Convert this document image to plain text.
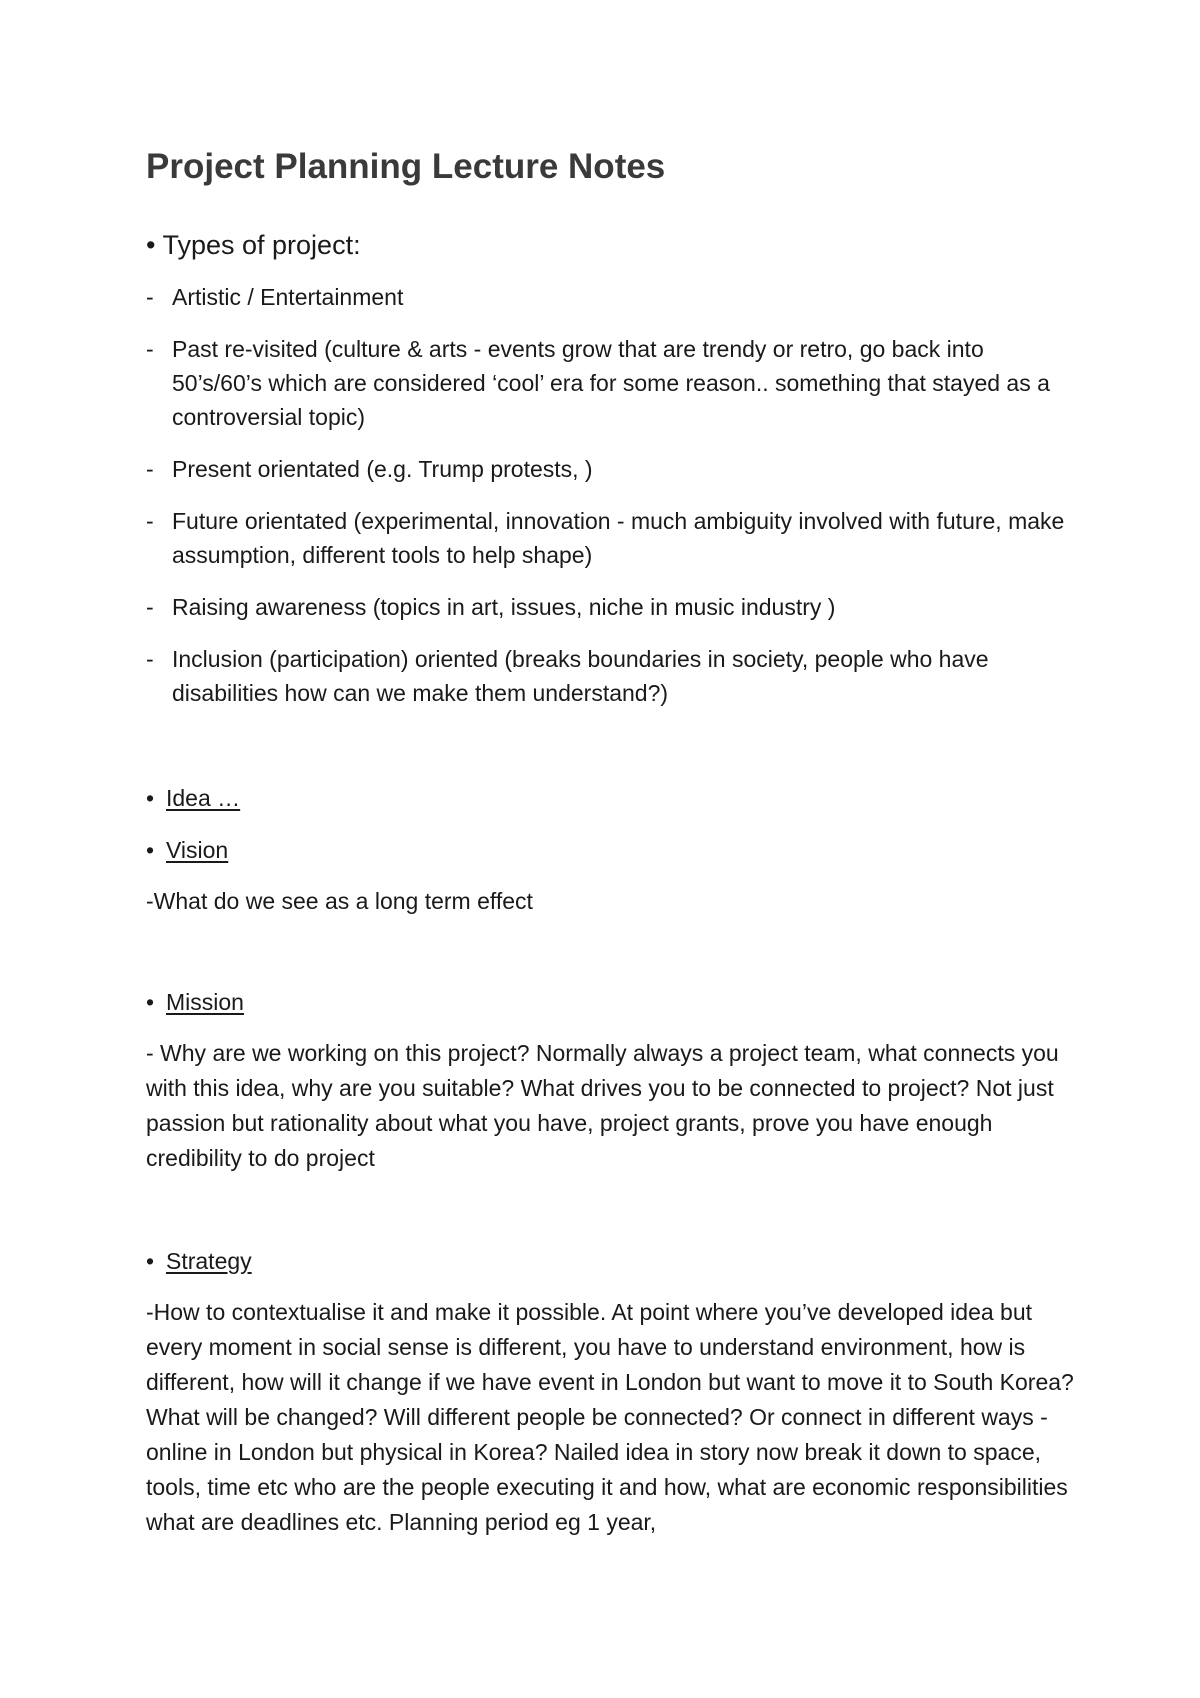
Project Planning Lecture Notes
• Types of project:
- Artistic / Entertainment
- Past re-visited (culture & arts - events grow that are trendy or retro, go back into 50’s/60’s which are considered ‘cool’ era for some reason.. something that stayed as a controversial topic)
- Present orientated (e.g. Trump protests, )
- Future orientated (experimental, innovation - much ambiguity involved with future, make assumption, different tools to help shape)
- Raising awareness (topics in art, issues, niche in music industry )
- Inclusion (participation) oriented (breaks boundaries in society, people who have disabilities how can we make them understand?)
• Idea …
• Vision

-What do we see as a long term effect

• Mission

- Why are we working on this project? Normally always a project team, what connects you with this idea, why are you suitable? What drives you to be connected to project? Not just passion but rationality about what you have, project grants, prove you have enough credibility to do project

• Strategy

-How to contextualise it and make it possible. At point where you’ve developed idea but every moment in social sense is different, you have to understand environment, how is different, how will it change if we have event in London but want to move it to South Korea? What will be changed? Will different people be connected? Or connect in different ways - online in London but physical in Korea? Nailed idea in story now break it down to space, tools, time etc who are the people executing it and how, what are economic responsibilities what are deadlines etc. Planning period eg 1 year,
